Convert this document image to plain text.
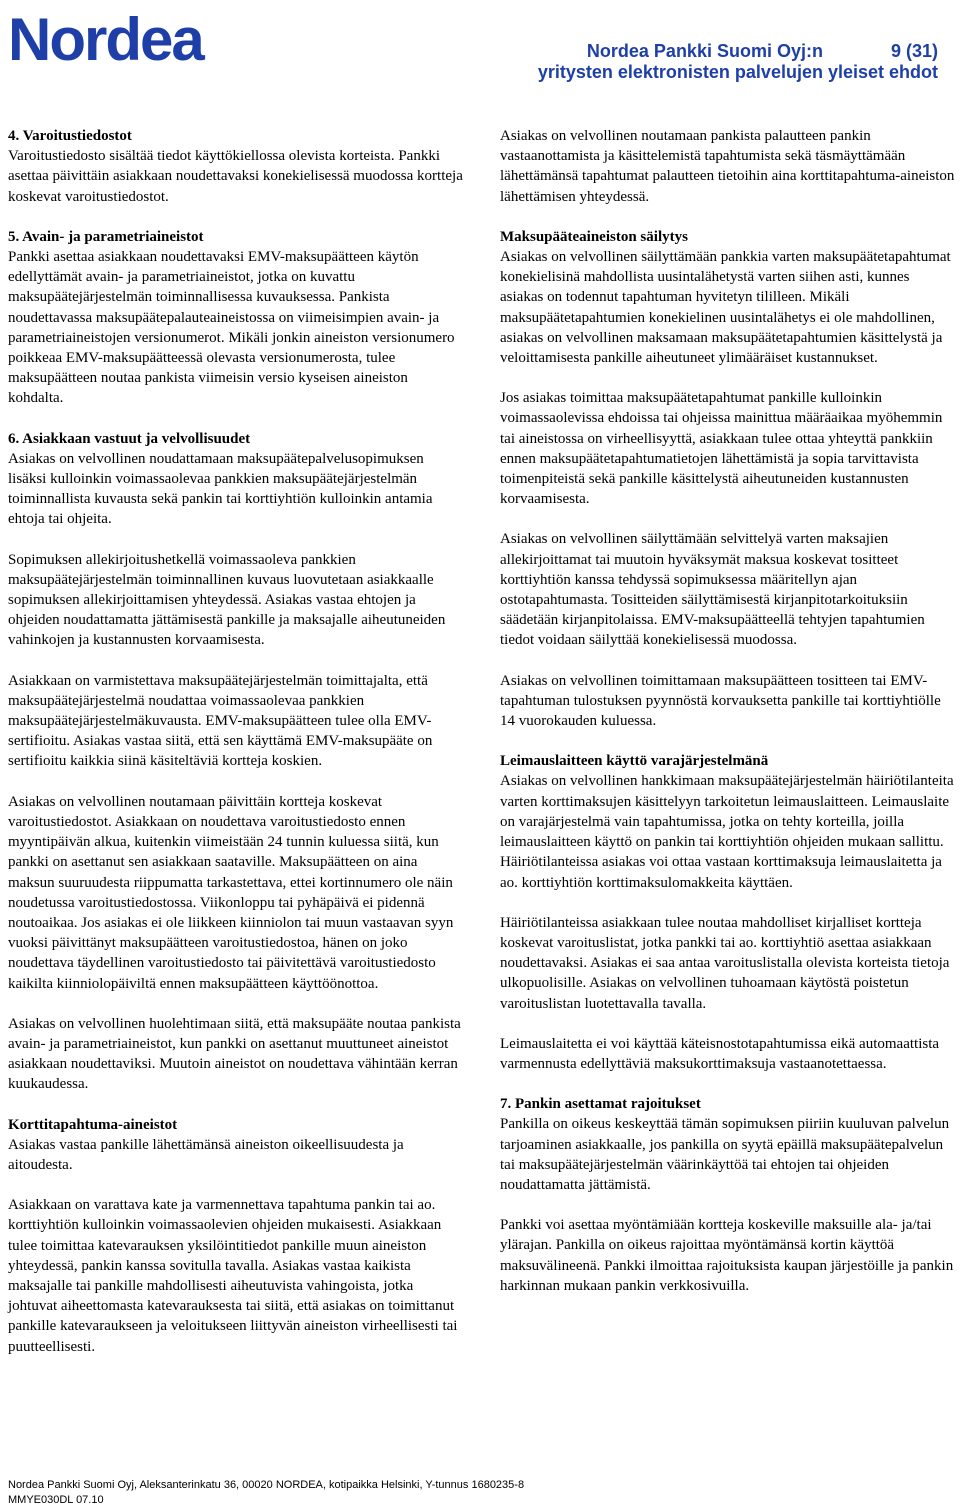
Nordea	Nordea Pankki Suomi Oyj:n	9 (31)
yritysten elektronisten palvelujen yleiset ehdot
4. Varoitustiedostot

Varoitustiedosto sisältää tiedot käyttökiellossa olevista korteista. Pankki asettaa päivittäin asiakkaan noudettavaksi konekielisessä muodossa kortteja koskevat varoitustiedostot.

5. Avain- ja parametriaineistot

Pankki asettaa asiakkaan noudettavaksi EMV-maksupäätteen käytön edellyttämät avain- ja parametriaineistot, jotka on kuvattu maksupäätejärjestelmän toiminnallisessa kuvauksessa. Pankista noudettavassa maksupäätepalauteaineistossa on viimeisimpien avain- ja parametriaineistojen versionumerot. Mikäli jonkin aineiston versionumero poikkeaa EMV-maksupäätteessä olevasta versionumerosta, tulee maksupäätteen noutaa pankista viimeisin versio kyseisen aineiston kohdalta.

6. Asiakkaan vastuut ja velvollisuudet

Asiakas on velvollinen noudattamaan maksupäätepalvelusopimuksen lisäksi kulloinkin voimassaolevaa pankkien maksupäätejärjestelmän toiminnallista kuvausta sekä pankin tai korttiyhtiön kulloinkin antamia ehtoja tai ohjeita.

Sopimuksen allekirjoitushetkellä voimassaoleva pankkien maksupäätejärjestelmän toiminnallinen kuvaus luovutetaan asiakkaalle sopimuksen allekirjoittamisen yhteydessä. Asiakas vastaa ehtojen ja ohjeiden noudattamatta jättämisestä pankille ja maksajalle aiheutuneiden vahinkojen ja kustannusten korvaamisesta.

Asiakkaan on varmistettava maksupäätejärjestelmän toimittajalta, että maksupäätejärjestelmä noudattaa voimassaolevaa pankkien maksupäätejärjestelmäkuvausta. EMV-maksupäätteen tulee olla EMV-sertifioitu. Asiakas vastaa siitä, että sen käyttämä EMV-maksupääte on sertifioitu kaikkia siinä käsiteltäviä kortteja koskien.

Asiakas on velvollinen noutamaan päivittäin kortteja koskevat varoitustiedostot. Asiakkaan on noudettava varoitustiedosto ennen myyntipäivän alkua, kuitenkin viimeistään 24 tunnin kuluessa siitä, kun pankki on asettanut sen asiakkaan saataville. Maksupäätteen on aina maksun suuruudesta riippumatta tarkastettava, ettei kortinnumero ole näin noudetussa varoitustiedostossa. Viikonloppu tai pyhäpäivä ei pidennä noutoaikaa. Jos asiakas ei ole liikkeen kiinniolon tai muun vastaavan syyn vuoksi päivittänyt maksupäätteen varoitustiedostoa, hänen on joko noudettava täydellinen varoitustiedosto tai päivitettävä varoitustiedosto kaikilta kiinniolopäiviltä ennen maksupäätteen käyttöönottoa.

Asiakas on velvollinen huolehtimaan siitä, että maksupääte noutaa pankista avain- ja parametriaineistot, kun pankki on asettanut muuttuneet aineistot asiakkaan noudettaviksi. Muutoin aineistot on noudettava vähintään kerran kuukaudessa.

Korttitapahtuma-aineistot

Asiakas vastaa pankille lähettämänsä aineiston oikeellisuudesta ja aitoudesta.

Asiakkaan on varattava kate ja varmennettava tapahtuma pankin tai ao. korttiyhtiön kulloinkin voimassaolevien ohjeiden mukaisesti. Asiakkaan tulee toimittaa katevarauksen yksilöintitiedot pankille muun aineiston yhteydessä, pankin kanssa sovitulla tavalla. Asiakas vastaa kaikista maksajalle tai pankille mahdollisesti aiheutuvista vahingoista, jotka johtuvat aiheettomasta katevarauksesta tai siitä, että asiakas on toimittanut pankille katevaraukseen ja veloitukseen liittyvän aineiston virheellisesti tai puutteellisesti.

Asiakas on velvollinen noutamaan pankista palautteen pankin vastaanottamista ja käsittelemistä tapahtumista sekä täsmäyttämään lähettämänsä tapahtumat palautteen tietoihin aina korttitapahtuma-aineiston lähettämisen yhteydessä.

Maksupääteaineiston säilytys

Asiakas on velvollinen säilyttämään pankkia varten maksupäätetapahtumat konekielisinä mahdollista uusintalähetystä varten siihen asti, kunnes asiakas on todennut tapahtuman hyvitetyn tililleen. Mikäli maksupäätetapahtumien konekielinen uusintalähetys ei ole mahdollinen, asiakas on velvollinen maksamaan maksupäätetapahtumien käsittelystä ja veloittamisesta pankille aiheutuneet ylimääräiset kustannukset.

Jos asiakas toimittaa maksupäätetapahtumat pankille kulloinkin voimassaolevissa ehdoissa tai ohjeissa mainittua määräaikaa myöhemmin tai aineistossa on virheellisyyttä, asiakkaan tulee ottaa yhteyttä pankkiin ennen maksupäätetapahtumatietojen lähettämistä ja sopia tarvittavista toimenpiteistä sekä pankille käsittelystä aiheutuneiden kustannusten korvaamisesta.

Asiakas on velvollinen säilyttämään selvittelyä varten maksajien allekirjoittamat tai muutoin hyväksymät maksua koskevat tositteet korttiyhtiön kanssa tehdyssä sopimuksessa määritellyn ajan ostotapahtumasta. Tositteiden säilyttämisestä kirjanpitotarkoituksiin säädetään kirjanpitolaissa. EMV-maksupäätteellä tehtyjen tapahtumien tiedot voidaan säilyttää konekielisessä muodossa.

Asiakas on velvollinen toimittamaan maksupäätteen tositteen tai EMV-tapahtuman tulostuksen pyynnöstä korvauksetta pankille tai korttiyhtiölle 14 vuorokauden kuluessa.

Leimauslaitteen käyttö varajärjestelmänä

Asiakas on velvollinen hankkimaan maksupäätejärjestelmän häiriötilanteita varten korttimaksujen käsittelyyn tarkoitetun leimauslaitteen. Leimauslaite on varajärjestelmä vain tapahtumissa, jotka on tehty korteilla, joilla leimauslaitteen käyttö on pankin tai korttiyhtiön ohjeiden mukaan sallittu. Häiriötilanteissa asiakas voi ottaa vastaan korttimaksuja leimauslaitetta ja ao. korttiyhtiön korttimaksulomakkeita käyttäen.

Häiriötilanteissa asiakkaan tulee noutaa mahdolliset kirjalliset kortteja koskevat varoituslistat, jotka pankki tai ao. korttiyhtiö asettaa asiakkaan noudettavaksi. Asiakas ei saa antaa varoituslistalla olevista korteista tietoja ulkopuolisille. Asiakas on velvollinen tuhoamaan käytöstä poistetun varoituslistan luotettavalla tavalla.

Leimauslaitetta ei voi käyttää käteisnostotapahtumissa eikä automaattista varmennusta edellyttäviä maksukorttimaksuja vastaanotettaessa.

7. Pankin asettamat rajoitukset

Pankilla on oikeus keskeyttää tämän sopimuksen piiriin kuuluvan palvelun tarjoaminen asiakkaalle, jos pankilla on syytä epäillä maksupäätepalvelun tai maksupäätejärjestelmän väärinkäyttöä tai ehtojen tai ohjeiden noudattamatta jättämistä.

Pankki voi asettaa myöntämiään kortteja koskeville maksuille ala- ja/tai ylärajan. Pankilla on oikeus rajoittaa myöntämänsä kortin käyttöä maksuvälineenä. Pankki ilmoittaa rajoituksista kaupan järjestöille ja pankin harkinnan mukaan pankin verkkosivuilla.

Nordea Pankki Suomi Oyj, Aleksanterinkatu 36, 00020 NORDEA, kotipaikka Helsinki, Y-tunnus 1680235-8
MMYE030DL 07.10
